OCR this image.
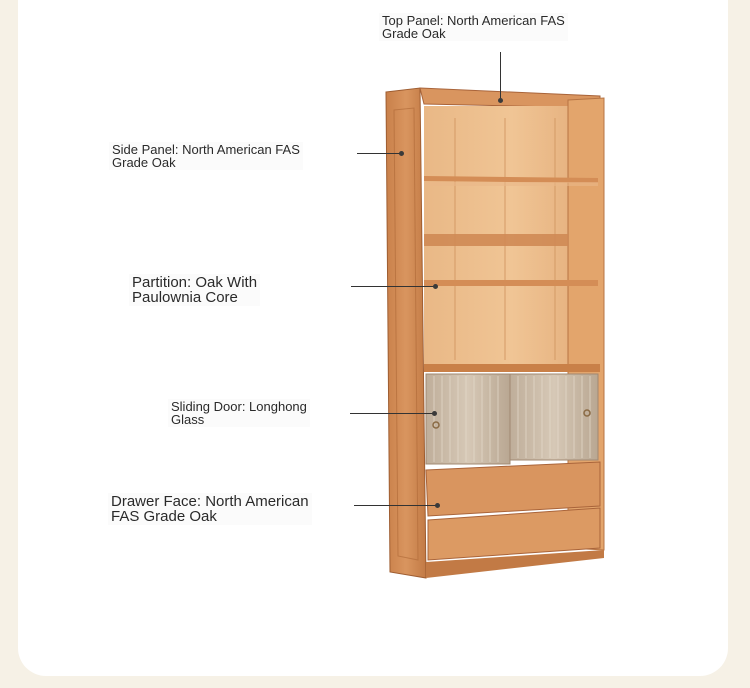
Top Panel: North American FAS
Grade Oak
Side Panel: North American FAS
Grade Oak
Partition: Oak With
Paulownia Core
Sliding Door: Longhong
Glass
Drawer Face: North American
FAS Grade Oak
